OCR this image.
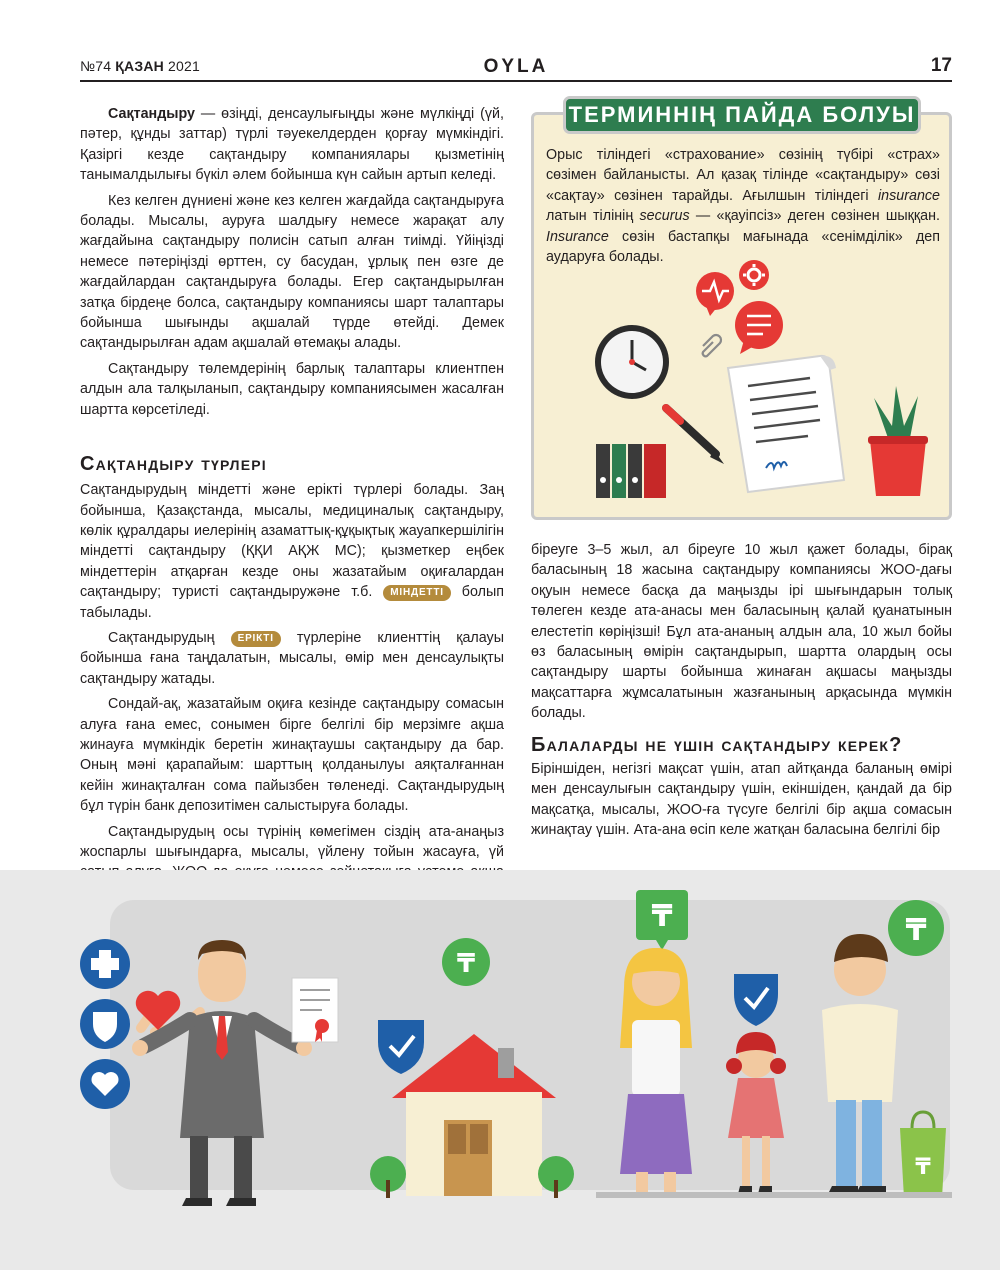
№74 ҚАЗАН 2021	ОYLA	17

Сақтандыру — өзіңді, денсаулығыңды және мүлкіңді (үй, пәтер, құнды заттар) түрлі тәуекелдерден қорғау мүмкіндігі. Қазіргі кезде сақтандыру компаниялары қызметінің танымалдылығы бүкіл әлем бойынша күн сайын артып келеді.

Кез келген дүниені және кез келген жағдайда сақтандыруға болады. Мысалы, ауруға шалдығу немесе жарақат алу жағдайына сақтандыру полисін сатып алған тиімді. Үйіңізді немесе пәтеріңізді өрттен, су басудан, ұрлық пен өзге де жағдайлардан сақтандыруға болады. Егер сақтандырылған затқа бірдеңе болса, сақтандыру компаниясы шарт талаптары бойынша шығынды ақшалай түрде өтейді. Демек сақтандырылған адам ақшалай өтемақы алады.

Сақтандыру төлемдерінің барлық талаптары клиентпен алдын ала талқыланып, сақтандыру компаниясымен жасалған шартта көрсетіледі.

Сақтандыру түрлері

Сақтандырудың міндетті және ерікті түрлері болады. Заң бойынша, Қазақстанда, мысалы, медициналық сақтандыру, көлік құралдары иелерінің азаматтық-құқықтық жауапкершілігін міндетті сақтандыру (ҚҚИ АҚЖ МС); қызметкер еңбек міндеттерін атқарған кезде оны жазатайым оқиғалардан сақтандыру; туристі сақтандыружәне т.б. МІНДЕТТІ болып табылады.

Сақтандырудың ЕРІКТІ түрлеріне клиенттің қалауы бойынша ғана таңдалатын, мысалы, өмір мен денсаулықты сақтандыру жатады.

Сондай-ақ, жазатайым оқиға кезінде сақтандыру сомасын алуға ғана емес, сонымен бірге белгілі бір мерзімге ақша жинауға мүмкіндік беретін жинақтаушы сақтандыру да бар. Оның мәні қарапайым: шарттың қолданылуы аяқталғаннан кейін жинақталған сома пайызбен төленеді. Сақтандырудың бұл түрін банк депозитімен салыстыруға болады.

Сақтандырудың осы түрінің көмегімен сіздің ата-анаңыз жоспарлы шығындарға, мысалы, үйлену тойын жасауға, үй

ТЕРМИННІҢ ПАЙДА БОЛУЫ
Орыс тіліндегі «страхование» сөзінің түбірі «страх» сөзімен байланысты. Ал қазақ тілінде «сақтандыру» сөзі «сақтау» сөзінен тарайды. Ағылшын тіліндегі insurance латын тілінің securus — «қауіпсіз» деген сөзінен шыққан. Insurance сөзін бастапқы мағынада «сенімділік» деп аударуға болады.

біреуге 3–5 жыл, ал біреуге 10 жыл қажет болады, бірақ баласының 18 жасына сақтандыру компаниясы ЖОО-дағы оқуын немесе басқа да маңызды ірі шығындарын толық төлеген кезде ата-анасы мен баласының қалай қуанатынын елестетіп көріңізші! Бұл ата-ананың алдын ала, 10 жыл бойы өз баласының өмірін сақтандырып, шартта олардың осы сақтандыру шарты бойынша жинаған ақшасы маңызды мақсаттарға жұмсалатынын жазғанының арқасында мүмкін болады.

Балаларды не үшін сақтандыру керек?

Біріншіден, негізгі мақсат үшін, атап айтқанда баланың өмірі мен денсаулығын сақтандыру үшін, екіншіден, қандай да бір мақсатқа, мысалы, ЖОО-ға түсуге белгілі бір ақша сомасын жинақтау үшін. Ата-ана өсіп келе жатқан баласына белгілі бір

₸
₸	₸
₸
